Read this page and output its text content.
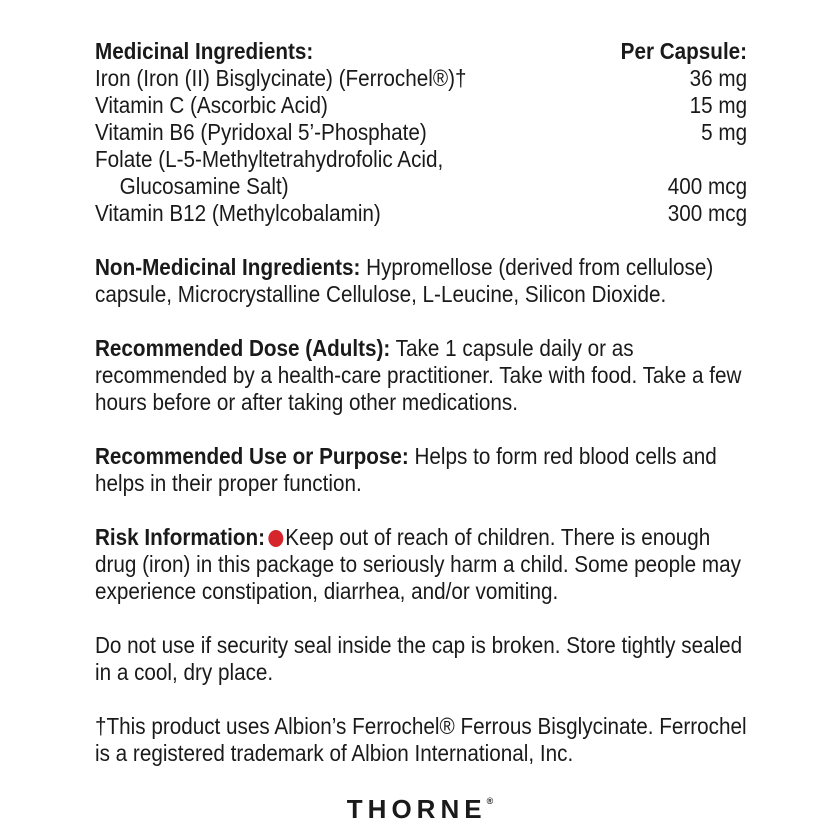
Medicinal Ingredients:	Per Capsule:
Iron (Iron (II) Bisglycinate) (Ferrochel®)†	36 mg
Vitamin C (Ascorbic Acid)	15 mg
Vitamin B6 (Pyridoxal 5’-Phosphate)	5 mg
Folate (L-5-Methyltetrahydrofolic Acid,
Glucosamine Salt)	400 mcg
Vitamin B12 (Methylcobalamin)	300 mcg
Non-Medicinal Ingredients: Hypromellose (derived from cellulose) capsule, Microcrystalline Cellulose, L-Leucine, Silicon Dioxide.
Recommended Dose (Adults): Take 1 capsule daily or as recommended by a health-care practitioner. Take with food. Take a few hours before or after taking other medications.
Recommended Use or Purpose: Helps to form red blood cells and helps in their proper function.
Risk Information: Keep out of reach of children. There is enough drug (iron) in this package to seriously harm a child. Some people may experience constipation, diarrhea, and/or vomiting.
Do not use if security seal inside the cap is broken. Store tightly sealed in a cool, dry place.
†This product uses Albion’s Ferrochel® Ferrous Bisglycinate. Ferrochel is a registered trademark of Albion International, Inc.
THORNE®
